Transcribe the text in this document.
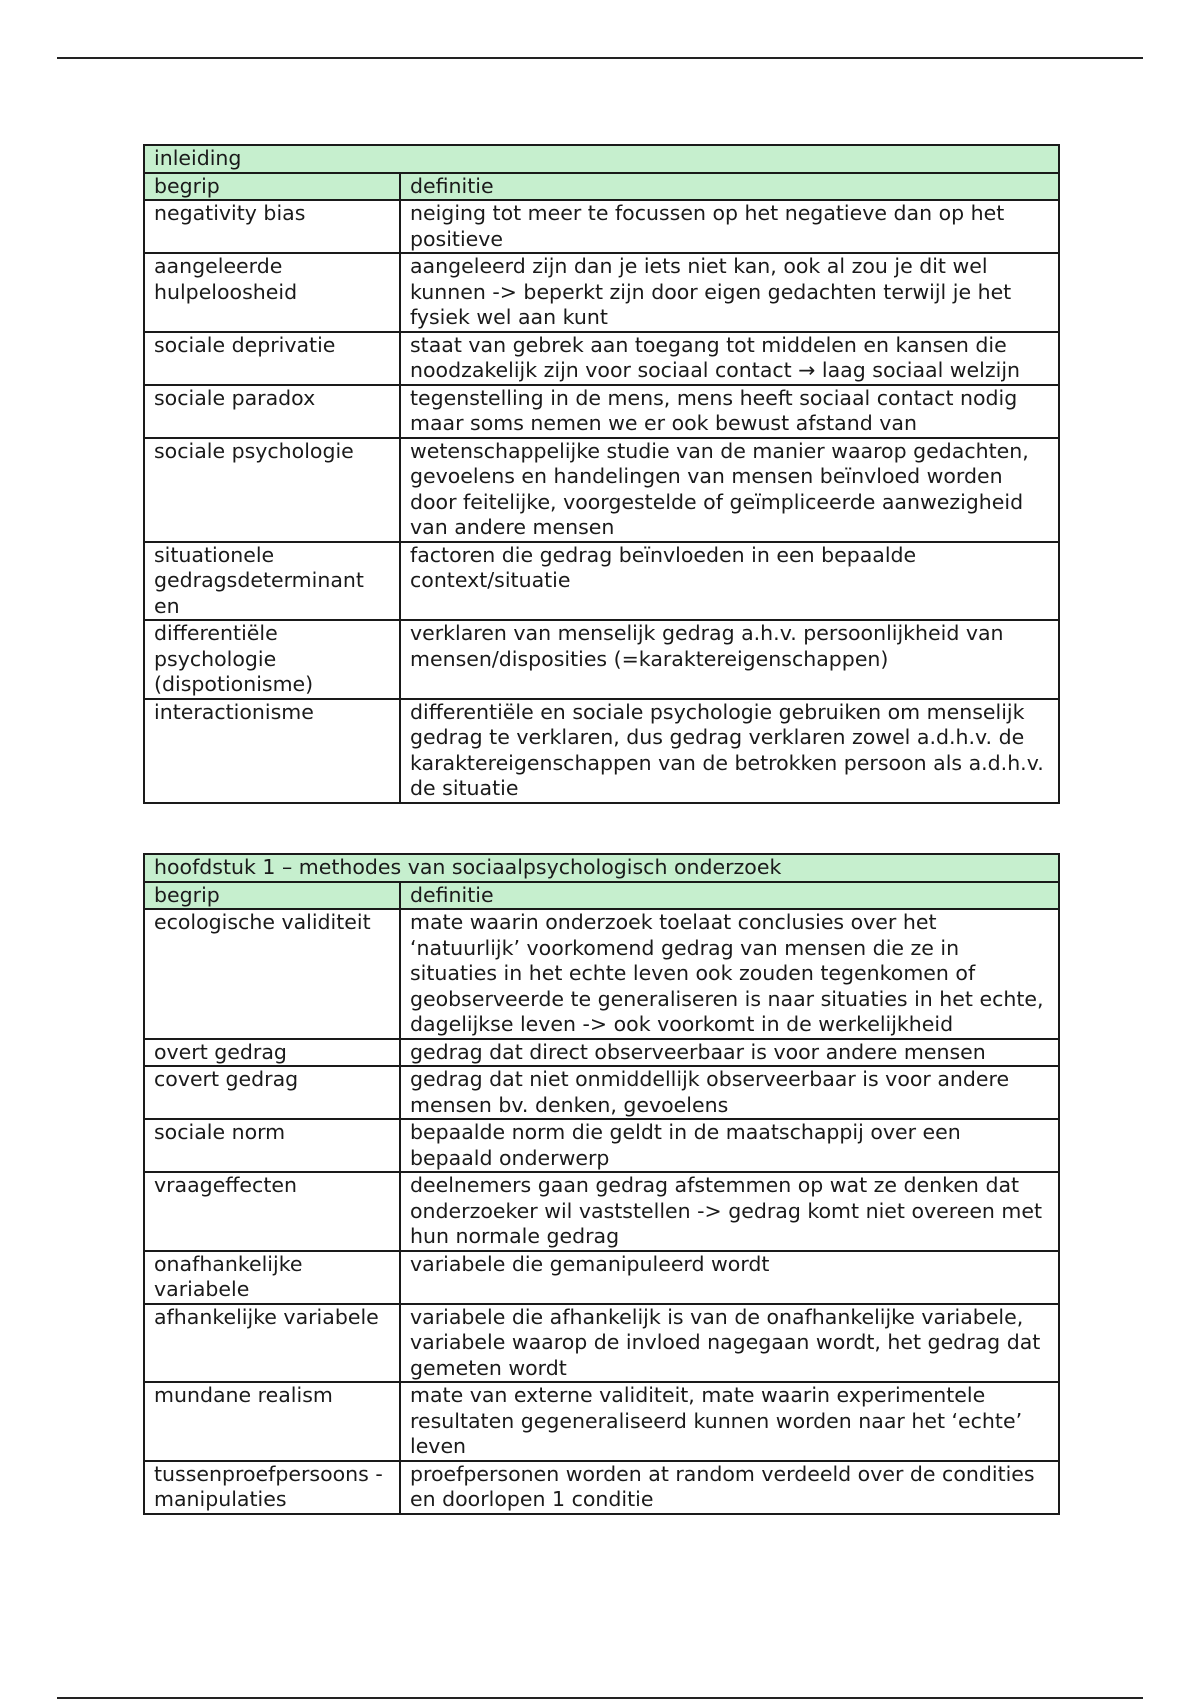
inleiding	
begrip	definitie
negativity bias	neiging tot meer te focussen op het negatieve dan op het positieve
aangeleerde hulpeloosheid	aangeleerd zijn dan je iets niet kan, ook al zou je dit wel kunnen -> beperkt zijn door eigen gedachten terwijl je het fysiek wel aan kunt
sociale deprivatie	staat van gebrek aan toegang tot middelen en kansen die noodzakelijk zijn voor sociaal contact → laag sociaal welzijn
sociale paradox	tegenstelling in de mens, mens heeft sociaal contact nodig maar soms nemen we er ook bewust afstand van
sociale psychologie	wetenschappelijke studie van de manier waarop gedachten, gevoelens en handelingen van mensen beïnvloed worden door feitelijke, voorgestelde of geïmpliceerde aanwezigheid van andere mensen
situationele gedragsdeterminant en	factoren die gedrag beïnvloeden in een bepaalde context/situatie
differentiële psychologie (dispotionisme)	verklaren van menselijk gedrag a.h.v. persoonlijkheid van mensen/disposities (=karaktereigenschappen)
interactionisme	differentiële en sociale psychologie gebruiken om menselijk gedrag te verklaren, dus gedrag verklaren zowel a.d.h.v. de karaktereigenschappen van de betrokken persoon als a.d.h.v. de situatie
hoofdstuk 1 – methodes van sociaalpsychologisch onderzoek	
begrip	definitie
ecologische validiteit	mate waarin onderzoek toelaat conclusies over het ‘natuurlijk’ voorkomend gedrag van mensen die ze in situaties in het echte leven ook zouden tegenkomen of geobserveerde te generaliseren is naar situaties in het echte, dagelijkse leven -> ook voorkomt in de werkelijkheid
overt gedrag	gedrag dat direct observeerbaar is voor andere mensen
covert gedrag	gedrag dat niet onmiddellijk observeerbaar is voor andere mensen bv. denken, gevoelens
sociale norm	bepaalde norm die geldt in de maatschappij over een bepaald onderwerp
vraageffecten	deelnemers gaan gedrag afstemmen op wat ze denken dat onderzoeker wil vaststellen -> gedrag komt niet overeen met hun normale gedrag
onafhankelijke variabele	variabele die gemanipuleerd wordt
afhankelijke variabele	variabele die afhankelijk is van de onafhankelijke variabele, variabele waarop de invloed nagegaan wordt, het gedrag dat gemeten wordt
mundane realism	mate van externe validiteit, mate waarin experimentele resultaten gegeneraliseerd kunnen worden naar het ‘echte’ leven
tussenproefpersoons -manipulaties	proefpersonen worden at random verdeeld over de condities en doorlopen 1 conditie
